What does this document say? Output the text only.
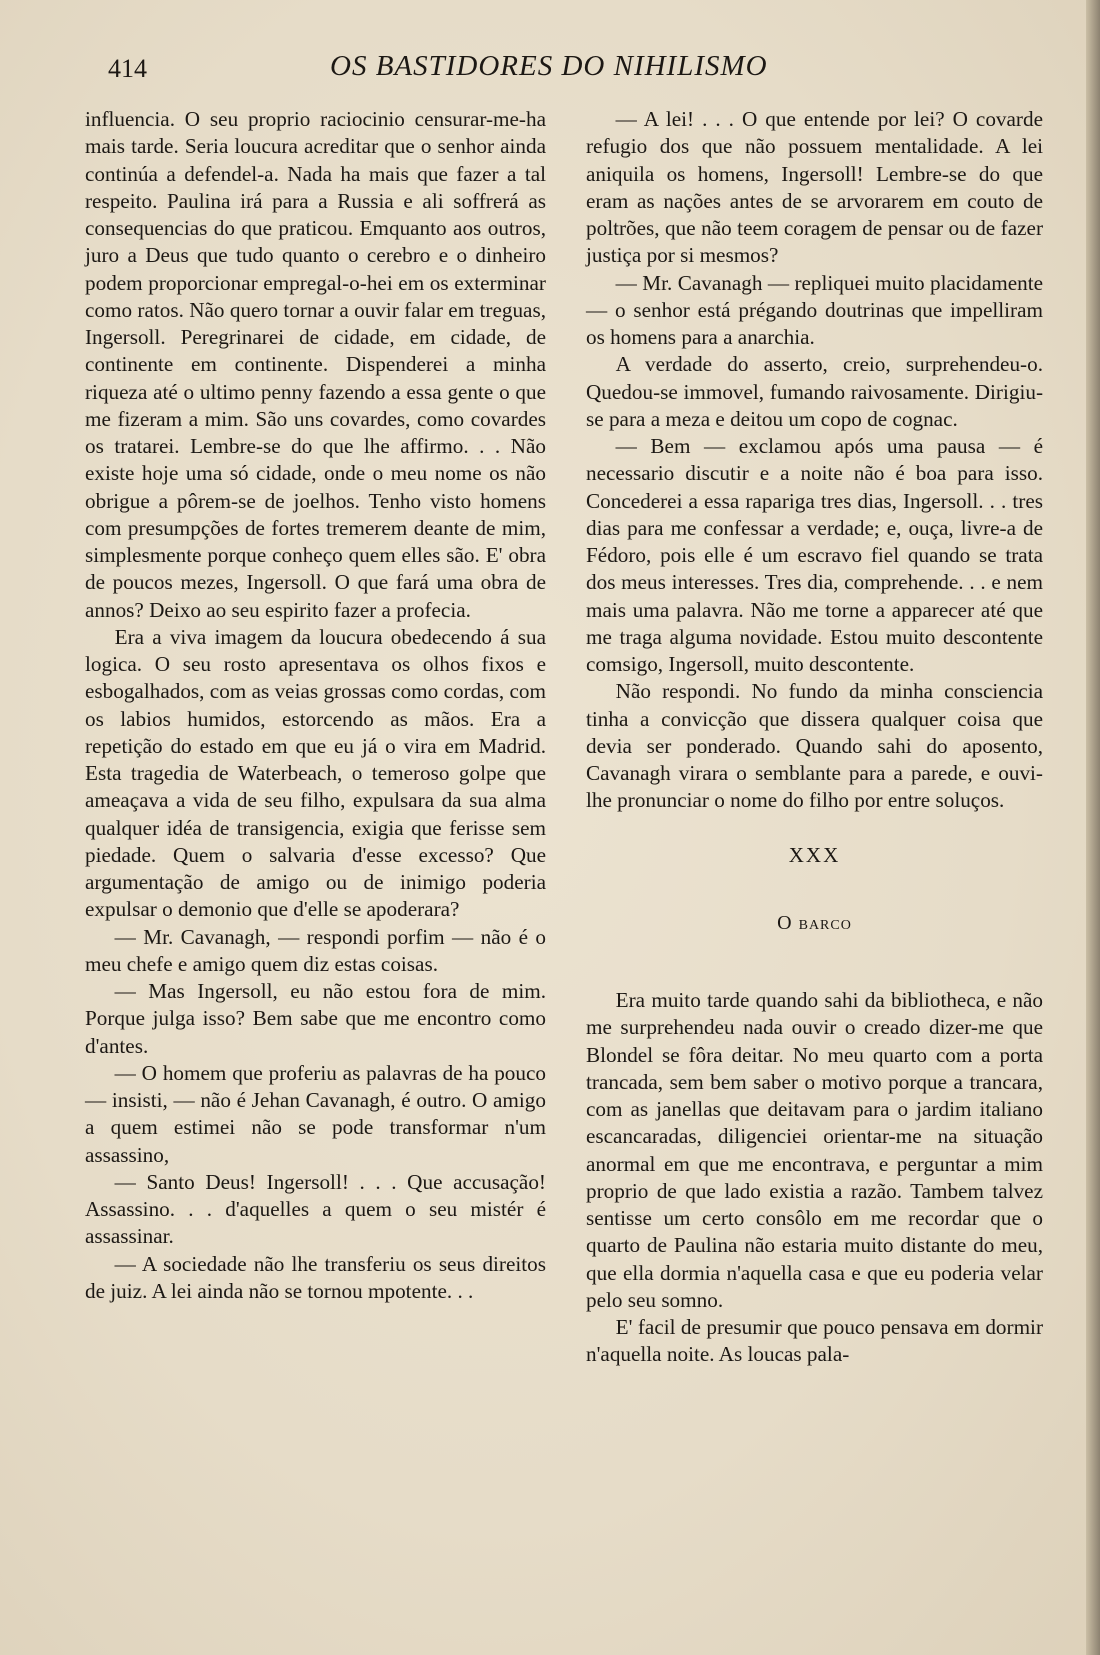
414	OS BASTIDORES DO NIHILISMO

influencia. O seu proprio raciocinio censurar-me-ha mais tarde. Seria loucura acreditar que o senhor ainda continúa a defendel-a. Nada ha mais que fazer a tal respeito. Paulina irá para a Russia e ali soffrerá as consequencias do que praticou. Emquanto aos outros, juro a Deus que tudo quanto o cerebro e o dinheiro podem proporcionar empregal-o-hei em os exterminar como ratos. Não quero tornar a ouvir falar em treguas, Ingersoll. Peregrinarei de cidade, em cidade, de continente em continente. Dispenderei a minha riqueza até o ultimo penny fazendo a essa gente o que me fizeram a mim. São uns covardes, como covardes os tratarei. Lembre-se do que lhe affirmo. . . Não existe hoje uma só cidade, onde o meu nome os não obrigue a pôrem-se de joelhos. Tenho visto homens com presumpções de fortes tremerem deante de mim, simplesmente porque conheço quem elles são. E' obra de poucos mezes, Ingersoll. O que fará uma obra de annos? Deixo ao seu espirito fazer a profecia.

Era a viva imagem da loucura obedecendo á sua logica. O seu rosto apresentava os olhos fixos e esbogalhados, com as veias grossas como cordas, com os labios humidos, estorcendo as mãos. Era a repetição do estado em que eu já o vira em Madrid. Esta tragedia de Waterbeach, o temeroso golpe que ameaçava a vida de seu filho, expulsara da sua alma qualquer idéa de transigencia, exigia que ferisse sem piedade. Quem o salvaria d'esse excesso? Que argumentação de amigo ou de inimigo poderia expulsar o demonio que d'elle se apoderara?

— Mr. Cavanagh, — respondi porfim — não é o meu chefe e amigo quem diz estas coisas.

— Mas Ingersoll, eu não estou fora de mim. Porque julga isso? Bem sabe que me encontro como d'antes.

— O homem que proferiu as palavras de ha pouco — insisti, — não é Jehan Cavanagh, é outro. O amigo a quem estimei não se pode transformar n'um assassino,

— Santo Deus! Ingersoll! . . . Que accusação! Assassino. . . d'aquelles a quem o seu mistér é assassinar.

— A sociedade não lhe transferiu os seus direitos de juiz. A lei ainda não se tornou mpotente. . .

— A lei! . . . O que entende por lei? O covarde refugio dos que não possuem mentalidade. A lei aniquila os homens, Ingersoll! Lembre-se do que eram as nações antes de se arvorarem em couto de poltrões, que não teem coragem de pensar ou de fazer justiça por si mesmos?

— Mr. Cavanagh — repliquei muito placidamente — o senhor está prégando doutrinas que impelliram os homens para a anarchia.

A verdade do asserto, creio, surprehendeu-o. Quedou-se immovel, fumando raivosamente. Dirigiu-se para a meza e deitou um copo de cognac.

— Bem — exclamou após uma pausa — é necessario discutir e a noite não é boa para isso. Concederei a essa rapariga tres dias, Ingersoll. . . tres dias para me confessar a verdade; e, ouça, livre-a de Fédoro, pois elle é um escravo fiel quando se trata dos meus interesses. Tres dia, comprehende. . . e nem mais uma palavra. Não me torne a apparecer até que me traga alguma novidade. Estou muito descontente comsigo, Ingersoll, muito descontente.

Não respondi. No fundo da minha consciencia tinha a convicção que dissera qualquer coisa que devia ser ponderado. Quando sahi do aposento, Cavanagh virara o semblante para a parede, e ouvi-lhe pronunciar o nome do filho por entre soluços.

XXX

O barco

Era muito tarde quando sahi da bibliotheca, e não me surprehendeu nada ouvir o creado dizer-me que Blondel se fôra deitar. No meu quarto com a porta trancada, sem bem saber o motivo porque a trancara, com as janellas que deitavam para o jardim italiano escancaradas, diligenciei orientar-me na situação anormal em que me encontrava, e perguntar a mim proprio de que lado existia a razão. Tambem talvez sentisse um certo consôlo em me recordar que o quarto de Paulina não estaria muito distante do meu, que ella dormia n'aquella casa e que eu poderia velar pelo seu somno.

E' facil de presumir que pouco pensava em dormir n'aquella noite. As loucas pala-
